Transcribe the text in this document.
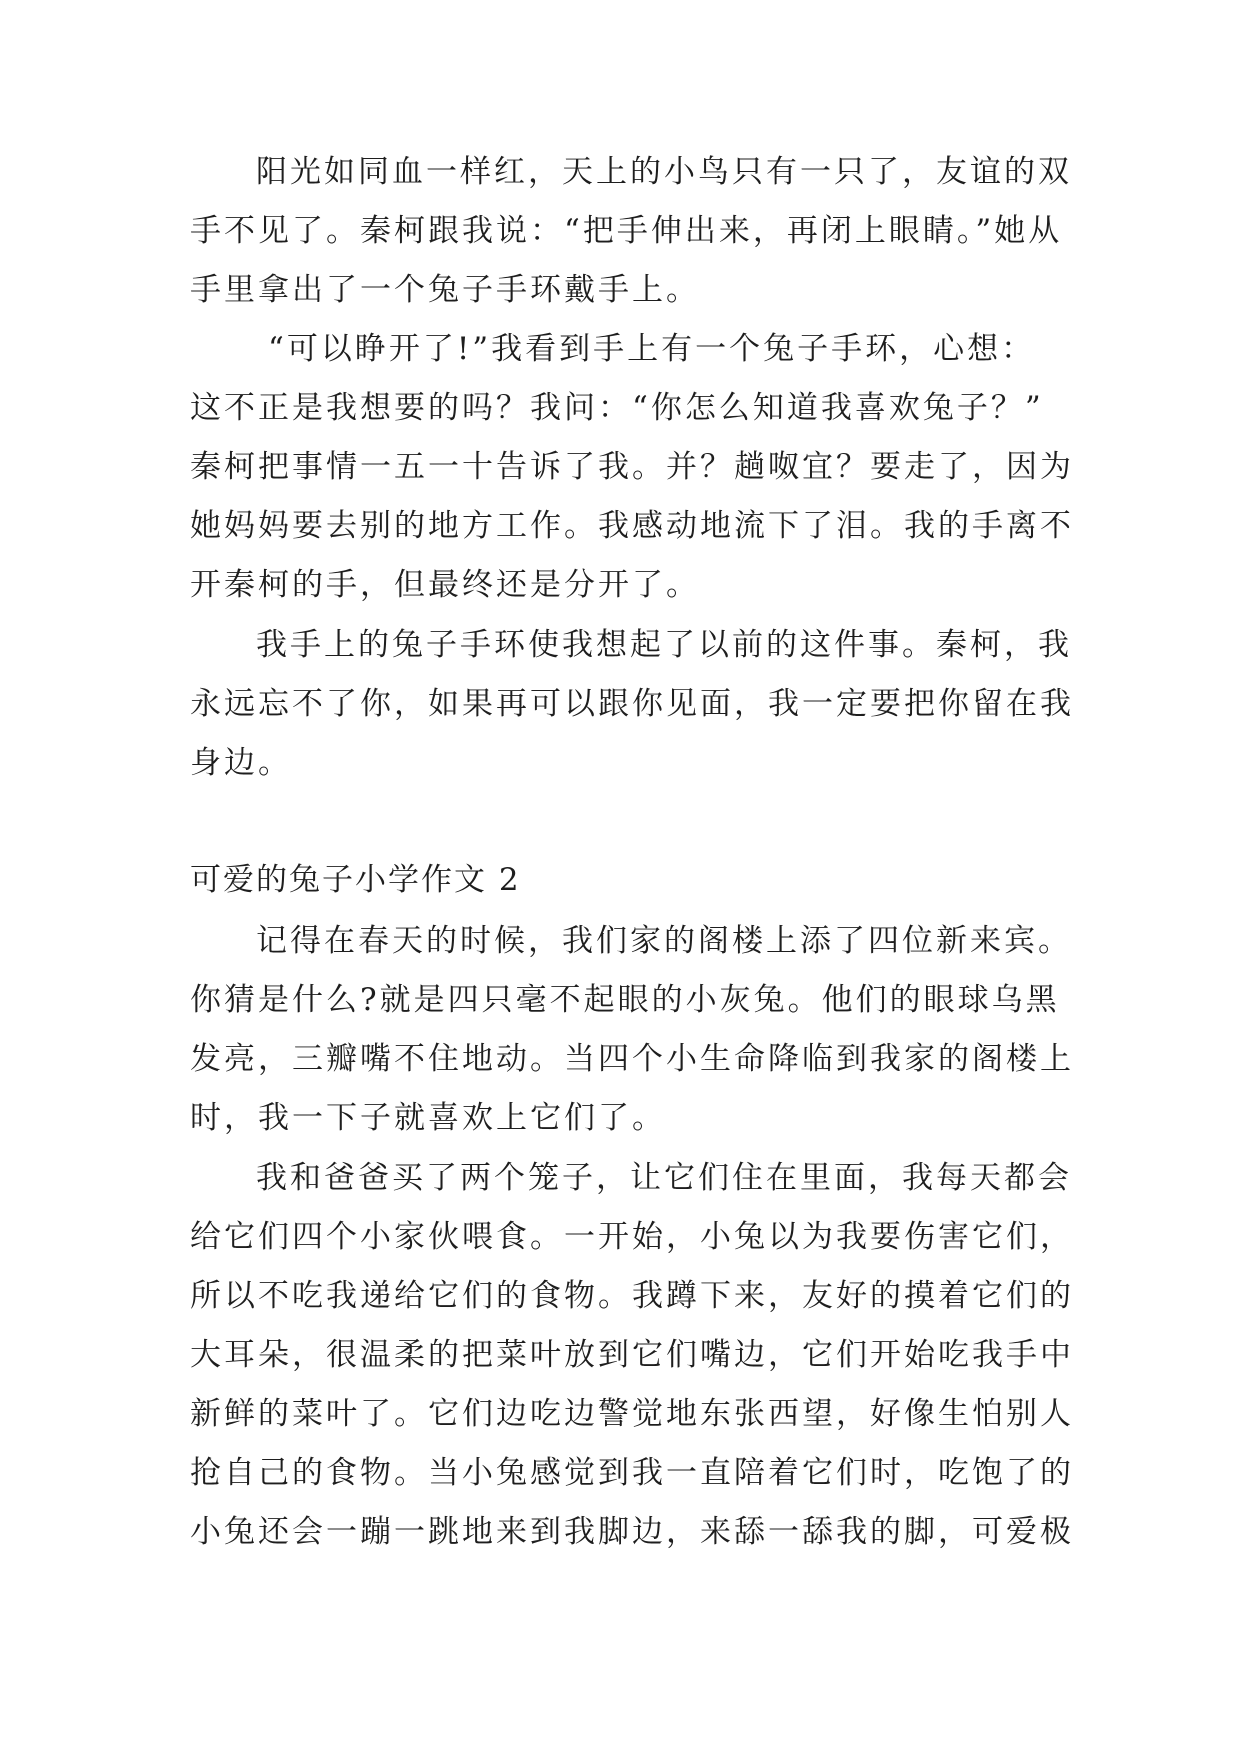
阳光如同血一样红，天上的小鸟只有一只了，友谊的双

手不见了。秦柯跟我说：“把手伸出来，再闭上眼睛。”她从

手里拿出了一个兔子手环戴手上。

“可以睁开了!”我看到手上有一个兔子手环，心想：

这不正是我想要的吗？我问：“你怎么知道我喜欢兔子？”

秦柯把事情一五一十告诉了我。并？趟呶宜？要走了，因为

她妈妈要去别的地方工作。我感动地流下了泪。我的手离不

开秦柯的手，但最终还是分开了。

我手上的兔子手环使我想起了以前的这件事。秦柯，我

永远忘不了你，如果再可以跟你见面，我一定要把你留在我

身边。

可爱的兔子小学作文 2

记得在春天的时候，我们家的阁楼上添了四位新来宾。

你猜是什么?就是四只毫不起眼的小灰兔。他们的眼球乌黑

发亮，三瓣嘴不住地动。当四个小生命降临到我家的阁楼上

时，我一下子就喜欢上它们了。

我和爸爸买了两个笼子，让它们住在里面，我每天都会

给它们四个小家伙喂食。一开始，小兔以为我要伤害它们，

所以不吃我递给它们的食物。我蹲下来，友好的摸着它们的

大耳朵，很温柔的把菜叶放到它们嘴边，它们开始吃我手中

新鲜的菜叶了。它们边吃边警觉地东张西望，好像生怕别人

抢自己的食物。当小兔感觉到我一直陪着它们时，吃饱了的

小兔还会一蹦一跳地来到我脚边，来舔一舔我的脚，可爱极
